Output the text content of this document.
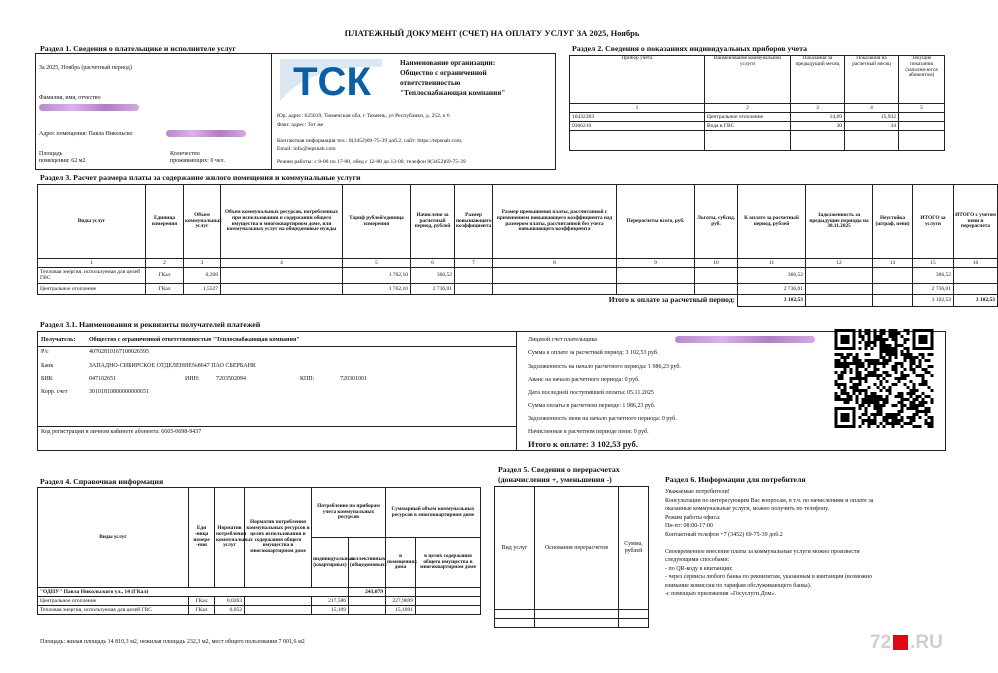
ПЛАТЕЖНЫЙ ДОКУМЕНТ (СЧЕТ) НА ОПЛАТУ УСЛУГ ЗА 2025, Ноябрь
Раздел 1. Сведения о плательщике и исполнителе услуг
За 2025, Ноябрь (расчетный период)
Фамилия, имя, отчество
Адрес помещения: Павла Никольско
Площадь
помещения: 62 м2
Количество
проживающих: 0 чел.
ТСК	Наименование организации:
Общество с ограниченной
ответственностью
"Теплоснабжающая компания"
Юр. адрес: 625019, Тюменская обл, г Тюмень, ул Республики, д. 252, к 6
Факт. адрес: Тот же
Контактная информация тел.: 8(3452)69-75-39 доб.2, сайт: https://tepsnab.com,
Email: info@tepsnab.com
Режим работы: с 8-00 по 17-00, обед с 12-00 до 13-00, телефон 8(3452)69-75-39
Раздел 2. Сведения о показаниях индивидуальных приборов учета
Прибор учета	Наименование коммунальной услуги	Показания за предыдущий месяц	Показания на расчетный месяц	Текущие показания (заполня-ются абонентом)
1	2	3	4	5
10432383	Центральное отопление	14,69	15,932	
9366210	Вода в ГВС	30	34	

Раздел 3. Расчет размера платы за содержание жилого помещения и коммунальные услуги
Виды услуг	Единица измерения	Объем коммунальных услуг	Объем коммунальных ресурсов, потребленных при использовании и содержании общего имущества в многоквартирном доме, или коммунальных услуг на общедомовые нужды	Тариф рублей/единица измерения	Начислено за расчетный период, рублей	Размер повышающего коэффициента	Размер превышения платы, рассчитанной с применением повышающего коэффициента над размером платы, рассчитанной без учета повышающего коэффициента	Перерасчеты всего, руб.	Льготы, субсид. руб.	К оплате за расчетный период, рублей	Задолженность за предыдущие периоды на 30.11.2025	Неустойка (штраф, пени)	ИТОГО за услуги	ИТОГО с учетом пени и перерасчета
1	2	3	4	5	6	7	8	9	10	11	12	13	15	16
Тепловая энергия, используемая для целей ГВС	ГКал	0,208		1 762,10	366,52					366,52			366,52	
Центральное отопление	ГКал	1,5527		1 762,10	2 736,01					2 736,01			2 736,01	
Итого к оплате за расчетный период:										3 102,53			3 102,53	3 102,53
Раздел 3.1. Наименования и реквизиты получателей платежей
Получатель: Общество с ограниченной ответственностью "Теплоснабжающая компания"
Р/с	40702810167100026595
Банк	ЗАПАДНО-СИБИРСКОЕ ОТДЕЛЕНИЕ№8647 ПАО СБЕРБАНК
БИК	047102651	ИНН:	7203502094	КПП:	720301001
Корр. счет	30101810800000000651
Код регистрации в личном кабинете абонента: 6665-0698-9437
Лицевой счет плательщика
Сумма к оплате за расчетный период: 3 102,53 руб.
Задолженность на начало расчетного периода: 1 986,23 руб.
Аванс на начало расчетного периода: 0 руб.
Дата последней поступившей оплаты: 05.11.2025
Сумма оплаты в расчетном периоде: 1 986,23 руб.
Задолженность пени на начало расчетного периода: 0 руб.
Начисленные в расчетном периоде пени: 0 руб.
Итого к оплате: 3 102,53 руб.
Раздел 4. Справочная информация
Виды услуг	Еди -ница измере -ния	Норматив потребления коммунальных услуг	Норматив потребления коммунальных ресурсов в целях использования и содержания общего имущества в многоквартирном доме	Потребление по приборам учета коммунальных ресурсов		Суммарный объем коммунальных ресурсов в многоквартирном доме	
				индивидуальных (квартирных)	коллективных (общедомовых)	в помещениях дома	в целях содержания общего имущества в многоквартирном доме
"ОДПУ" Павла Никольского ул., 14 (ГКал)					243,079		
Центральное отопление	ГКал	0,0263		217,586		227,9699	
Тепловая энергия, используемая для целей ГВС	ГКал	0,052		15,109		15,1091	
Площадь: жилая площадь 14 810,3 м2, нежилая площадь 232,3 м2, мест общего пользования 7 001,6 м2
Раздел 5. Сведения о перерасчетах
(доначисления +, уменьшения -)
Вид услуг	Основания перерасчетов	Сумма, рублей

Раздел 6. Информации для потребителя
Уважаемые потребители!
Консультации по интересующим Вас вопросам, в т.ч. по начислениям и оплате за
оказанные коммунальные услуги, можно получить по телефону.
Режим работы офиса:
Пн-пт: 08:00-17:00
Контактный телефон +7 (3452) 69-75-39 доб.2
Своевременное внесение платы за коммунальные услуги можно произвести
следующими способами:
- по QR-коду в квитанции;
- через сервисы любого банка по реквизитам, указанным в квитанции (возможно
взимание комиссии по тарифам обслуживающего банка).
-с помощью приложения «Госуслуги.Дом».
72 .RU
